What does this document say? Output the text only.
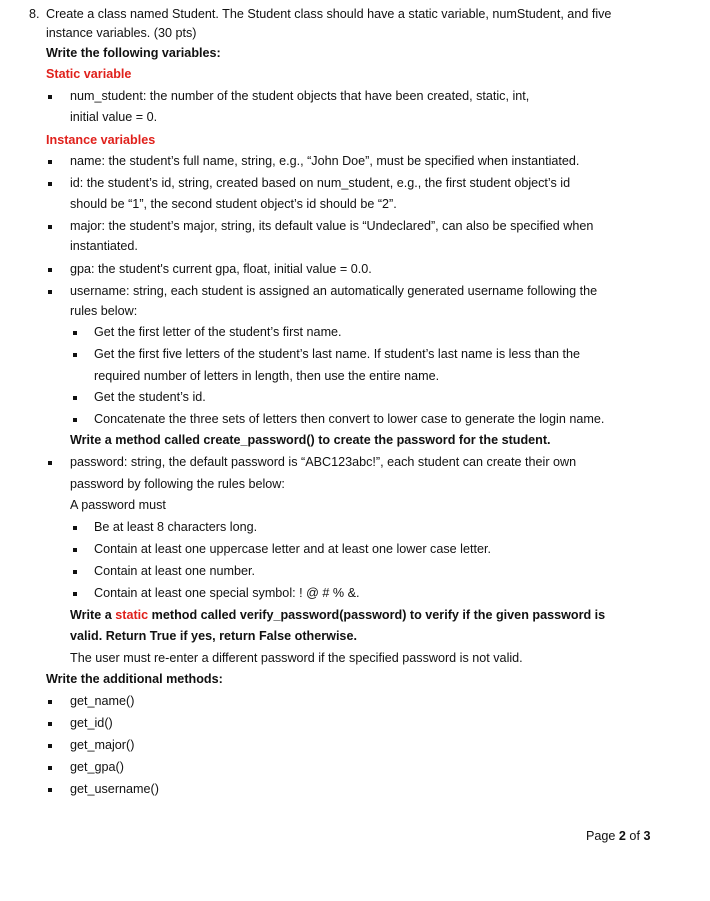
8. Create a class named Student. The Student class should have a static variable, numStudent, and five
instance variables. (30 pts)
Write the following variables:
Static variable
num_student: the number of the student objects that have been created, static, int,
initial value = 0.
Instance variables
name: the student’s full name, string, e.g., “John Doe”, must be specified when instantiated.
id: the student’s id, string, created based on num_student, e.g., the first student object’s id
should be “1”, the second student object’s id should be “2”.
major: the student’s major, string, its default value is “Undeclared”, can also be specified when
instantiated.
gpa: the student's current gpa, float, initial value = 0.0.
username: string, each student is assigned an automatically generated username following the
rules below:
Get the first letter of the student’s first name.
Get the first five letters of the student’s last name. If student’s last name is less than the
required number of letters in length, then use the entire name.
Get the student’s id.
Concatenate the three sets of letters then convert to lower case to generate the login name.
Write a method called create_password() to create the password for the student.
password: string, the default password is “ABC123abc!”, each student can create their own
password by following the rules below:
A password must
Be at least 8 characters long.
Contain at least one uppercase letter and at least one lower case letter.
Contain at least one number.
Contain at least one special symbol: ! @ # % &.
Write a static method called verify_password(password) to verify if the given password is
valid. Return True if yes, return False otherwise.
The user must re-enter a different password if the specified password is not valid.
Write the additional methods:
get_name()
get_id()
get_major()
get_gpa()
get_username()
Page 2 of 3
